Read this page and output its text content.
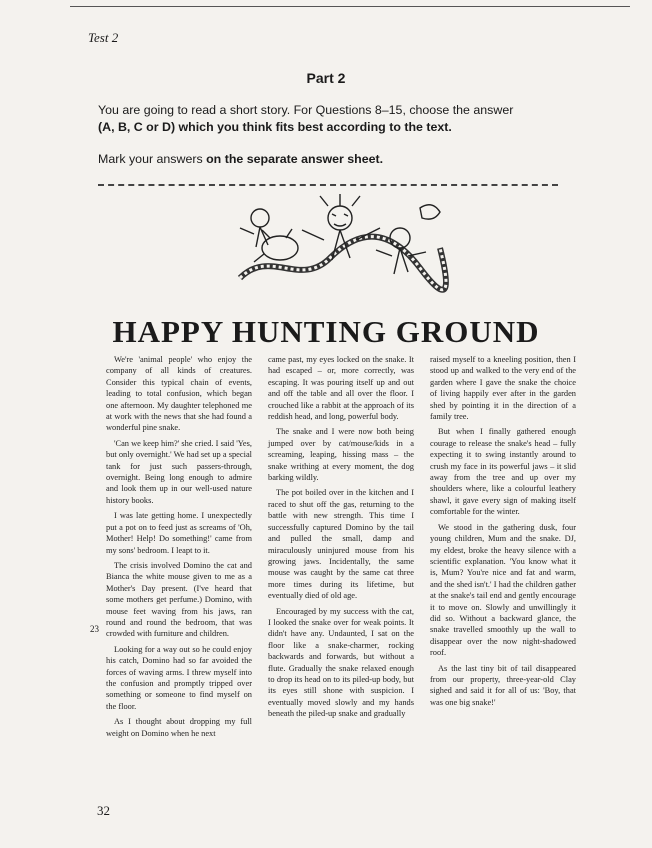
Test 2
Part 2
You are going to read a short story. For Questions 8–15, choose the answer
(A, B, C or D) which you think fits best according to the text.
Mark your answers on the separate answer sheet.
HAPPY HUNTING GROUND

We're 'animal people' who enjoy the company of all kinds of creatures. Consider this typical chain of events, leading to total confusion, which began one afternoon. My daughter telephoned me at work with the news that she had found a wonderful pine snake.

'Can we keep him?' she cried. I said 'Yes, but only overnight.' We had set up a special tank for just such passers-through, overnight. Being long enough to admire and look them up in our well-used nature history books.

I was late getting home. I unexpectedly put a pot on to feed just as screams of 'Oh, Mother! Help! Do something!' came from my sons' bedroom. I leapt to it.

The crisis involved Domino the cat and Bianca the white mouse given to me as a Mother's Day present. (I've heard that some mothers get perfume.) Domino, with mouse feet waving from his jaws, ran round and round the bedroom, that was crowded with furniture and children.

Looking for a way out so he could enjoy his catch, Domino had so far avoided the forces of waving arms. I threw myself into the confusion and promptly tripped over something or someone to find myself on the floor.

As I thought about dropping my full weight on Domino when he next

came past, my eyes locked on the snake. It had escaped – or, more correctly, was escaping. It was pouring itself up and out and off the table and all over the floor. I crouched like a rabbit at the approach of its reddish head, and long, powerful body.

The snake and I were now both being jumped over by cat/mouse/kids in a screaming, leaping, hissing mass – the snake writhing at every moment, the dog barking wildly.

The pot boiled over in the kitchen and I raced to shut off the gas, returning to the battle with new strength. This time I successfully captured Domino by the tail and pulled the small, damp and miraculously uninjured mouse from his growing jaws. Incidentally, the same mouse was caught by the same cat three more times during its lifetime, but eventually died of old age.

Encouraged by my success with the cat, I looked the snake over for weak points. It didn't have any. Undaunted, I sat on the floor like a snake-charmer, rocking backwards and forwards, but without a flute. Gradually the snake relaxed enough to drop its head on to its piled-up body, but its eyes still shone with suspicion. I eventually moved slowly and my hands beneath the piled-up snake and gradually

raised myself to a kneeling position, then I stood up and walked to the very end of the garden where I gave the snake the choice of living happily ever after in the garden shed by pointing it in the direction of a family tree.

But when I finally gathered enough courage to release the snake's head – fully expecting it to swing instantly around to crush my face in its powerful jaws – it slid away from the tree and up over my shoulders where, like a colourful leathery shawl, it gave every sign of making itself comfortable for the winter.

We stood in the gathering dusk, four young children, Mum and the snake. DJ, my eldest, broke the heavy silence with a scientific explanation. 'You know what it is, Mum? You're nice and fat and warm, and the shed isn't.' I had the children gather at the snake's tail end and gently encourage it to move on. Slowly and unwillingly it did so. Without a backward glance, the snake travelled smoothly up the wall to disappear over the now night-shadowed roof.

As the last tiny bit of tail disappeared from our property, three-year-old Clay sighed and said it for all of us: 'Boy, that was one big snake!'

23
32
